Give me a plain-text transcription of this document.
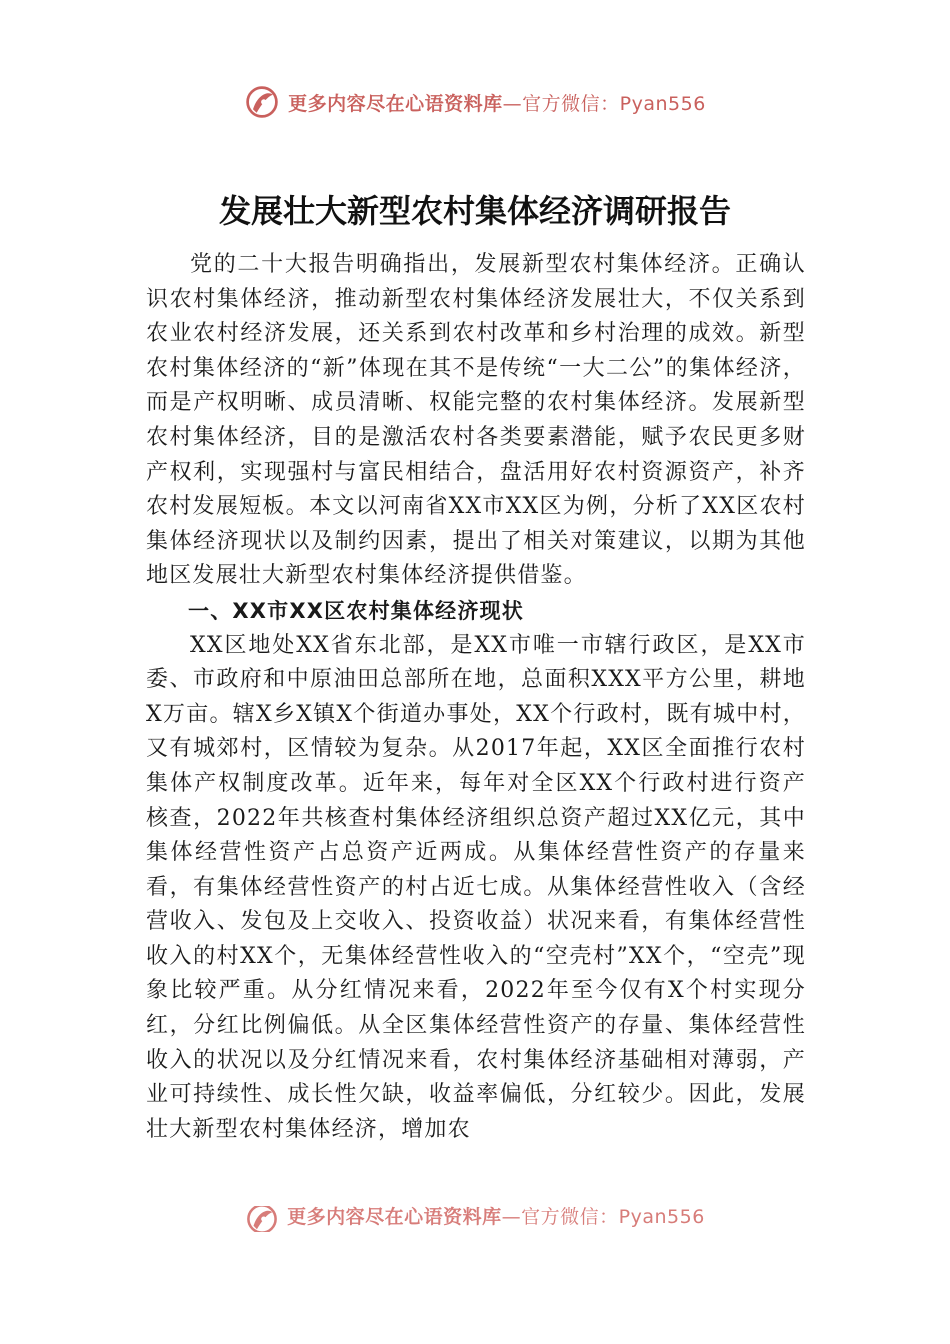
更多内容尽在心语资料库—官方微信：Pyan556
发展壮大新型农村集体经济调研报告

党的二十大报告明确指出，发展新型农村集体经济。正确认识农村集体经济，推动新型农村集体经济发展壮大，不仅关系到农业农村经济发展，还关系到农村改革和乡村治理的成效。新型农村集体经济的“新”体现在其不是传统“一大二公”的集体经济，而是产权明晰、成员清晰、权能完整的农村集体经济。发展新型农村集体经济，目的是激活农村各类要素潜能，赋予农民更多财产权利，实现强村与富民相结合，盘活用好农村资源资产，补齐农村发展短板。本文以河南省XX市XX区为例，分析了XX区农村集体经济现状以及制约因素，提出了相关对策建议，以期为其他地区发展壮大新型农村集体经济提供借鉴。

一、XX市XX区农村集体经济现状

XX区地处XX省东北部，是XX市唯一市辖行政区，是XX市委、市政府和中原油田总部所在地，总面积XXX平方公里，耕地X万亩。辖X乡X镇X个街道办事处，XX个行政村，既有城中村，又有城郊村，区情较为复杂。从2017年起，XX区全面推行农村集体产权制度改革。近年来，每年对全区XX个行政村进行资产核查，2022年共核查村集体经济组织总资产超过XX亿元，其中集体经营性资产占总资产近两成。从集体经营性资产的存量来看，有集体经营性资产的村占近七成。从集体经营性收入（含经营收入、发包及上交收入、投资收益）状况来看，有集体经营性收入的村XX个，无集体经营性收入的“空壳村”XX个，“空壳”现象比较严重。从分红情况来看，2022年至今仅有X个村实现分红，分红比例偏低。从全区集体经营性资产的存量、集体经营性收入的状况以及分红情况来看，农村集体经济基础相对薄弱，产业可持续性、成长性欠缺，收益率偏低，分红较少。因此，发展壮大新型农村集体经济，增加农

更多内容尽在心语资料库—官方微信：Pyan556
